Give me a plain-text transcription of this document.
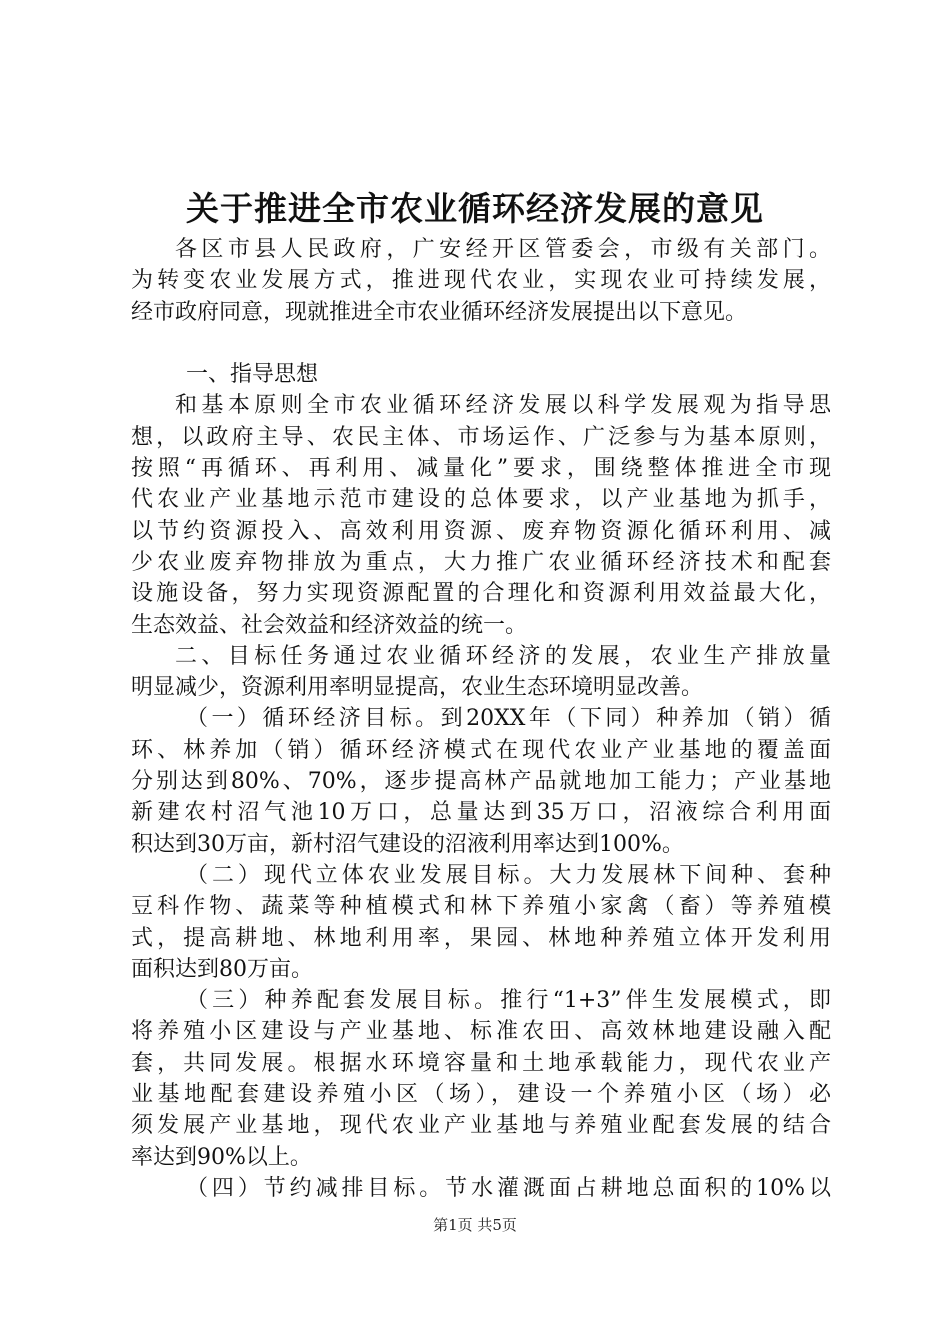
关于推进全市农业循环经济发展的意见
各区市县人民政府，广安经开区管委会，市级有关部门。
为转变农业发展方式，推进现代农业，实现农业可持续发展，
经市政府同意，现就推进全市农业循环经济发展提出以下意见。
一、指导思想
和基本原则全市农业循环经济发展以科学发展观为指导思
想，以政府主导、农民主体、市场运作、广泛参与为基本原则，
按照“再循环、再利用、减量化”要求，围绕整体推进全市现
代农业产业基地示范市建设的总体要求，以产业基地为抓手，
以节约资源投入、高效利用资源、废弃物资源化循环利用、减
少农业废弃物排放为重点，大力推广农业循环经济技术和配套
设施设备，努力实现资源配置的合理化和资源利用效益最大化，
生态效益、社会效益和经济效益的统一。
二、目标任务通过农业循环经济的发展，农业生产排放量
明显减少，资源利用率明显提高，农业生态环境明显改善。
（一）循环经济目标。到20XX年（下同）种养加（销）循
环、林养加（销）循环经济模式在现代农业产业基地的覆盖面
分别达到80%、70%，逐步提高林产品就地加工能力；产业基地
新建农村沼气池10万口，总量达到35万口，沼液综合利用面
积达到30万亩，新村沼气建设的沼液利用率达到100%。
（二）现代立体农业发展目标。大力发展林下间种、套种
豆科作物、蔬菜等种植模式和林下养殖小家禽（畜）等养殖模
式，提高耕地、林地利用率，果园、林地种养殖立体开发利用
面积达到80万亩。
（三）种养配套发展目标。推行“1+3”伴生发展模式，即
将养殖小区建设与产业基地、标准农田、高效林地建设融入配
套，共同发展。根据水环境容量和土地承载能力，现代农业产
业基地配套建设养殖小区（场），建设一个养殖小区（场）必
须发展产业基地，现代农业产业基地与养殖业配套发展的结合
率达到90%以上。
（四）节约减排目标。节水灌溉面占耕地总面积的10%以
第1页 共5页
